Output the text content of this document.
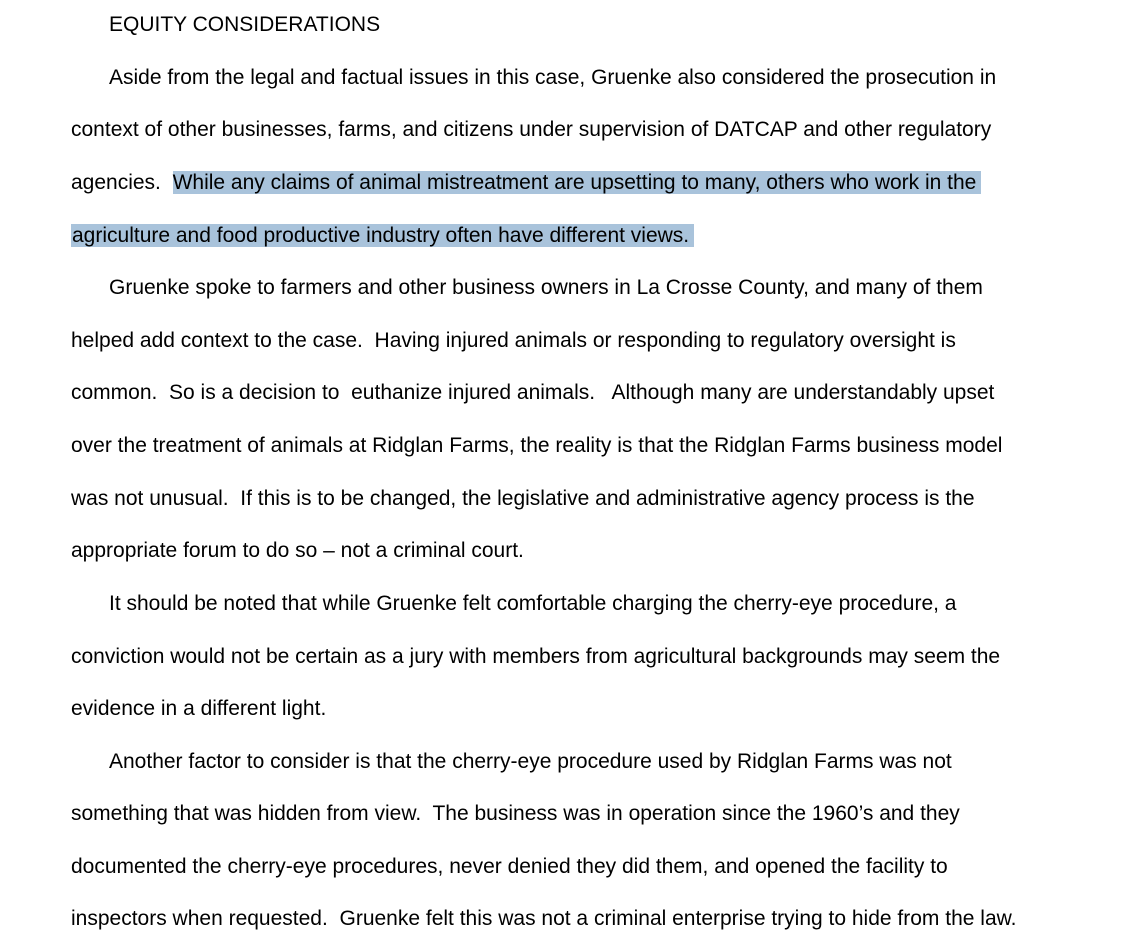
EQUITY CONSIDERATIONS
Aside from the legal and factual issues in this case, Gruenke also considered the prosecution in
context of other businesses, farms, and citizens under supervision of DATCAP and other regulatory
agencies.  While any claims of animal mistreatment are upsetting to many, others who work in the
agriculture and food productive industry often have different views.
Gruenke spoke to farmers and other business owners in La Crosse County, and many of them
helped add context to the case.  Having injured animals or responding to regulatory oversight is
common.  So is a decision to  euthanize injured animals.   Although many are understandably upset
over the treatment of animals at Ridglan Farms, the reality is that the Ridglan Farms business model
was not unusual.  If this is to be changed, the legislative and administrative agency process is the
appropriate forum to do so – not a criminal court.
It should be noted that while Gruenke felt comfortable charging the cherry-eye procedure, a
conviction would not be certain as a jury with members from agricultural backgrounds may seem the
evidence in a different light.
Another factor to consider is that the cherry-eye procedure used by Ridglan Farms was not
something that was hidden from view.  The business was in operation since the 1960’s and they
documented the cherry-eye procedures, never denied they did them, and opened the facility to
inspectors when requested.  Gruenke felt this was not a criminal enterprise trying to hide from the law.
